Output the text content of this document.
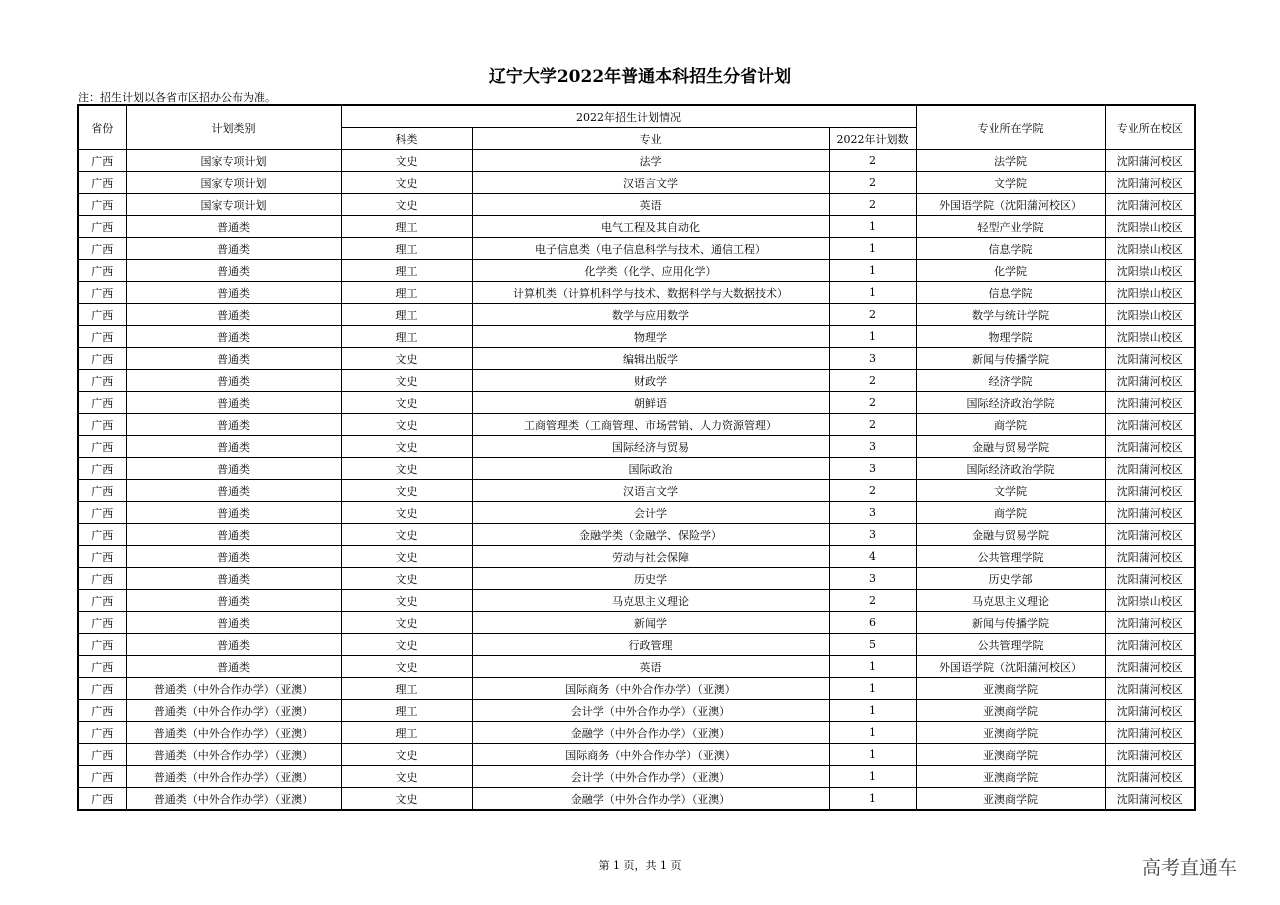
辽宁大学2022年普通本科招生分省计划
注：招生计划以各省市区招办公布为准。
省份	计划类别	2022年招生计划情况			专业所在学院	专业所在校区
		科类	专业	2022年计划数		
广西	国家专项计划	文史	法学	2	法学院	沈阳蒲河校区
广西	国家专项计划	文史	汉语言文学	2	文学院	沈阳蒲河校区
广西	国家专项计划	文史	英语	2	外国语学院（沈阳蒲河校区）	沈阳蒲河校区
广西	普通类	理工	电气工程及其自动化	1	轻型产业学院	沈阳崇山校区
广西	普通类	理工	电子信息类（电子信息科学与技术、通信工程）	1	信息学院	沈阳崇山校区
广西	普通类	理工	化学类（化学、应用化学）	1	化学院	沈阳崇山校区
广西	普通类	理工	计算机类（计算机科学与技术、数据科学与大数据技术）	1	信息学院	沈阳崇山校区
广西	普通类	理工	数学与应用数学	2	数学与统计学院	沈阳崇山校区
广西	普通类	理工	物理学	1	物理学院	沈阳崇山校区
广西	普通类	文史	编辑出版学	3	新闻与传播学院	沈阳蒲河校区
广西	普通类	文史	财政学	2	经济学院	沈阳蒲河校区
广西	普通类	文史	朝鲜语	2	国际经济政治学院	沈阳蒲河校区
广西	普通类	文史	工商管理类（工商管理、市场营销、人力资源管理）	2	商学院	沈阳蒲河校区
广西	普通类	文史	国际经济与贸易	3	金融与贸易学院	沈阳蒲河校区
广西	普通类	文史	国际政治	3	国际经济政治学院	沈阳蒲河校区
广西	普通类	文史	汉语言文学	2	文学院	沈阳蒲河校区
广西	普通类	文史	会计学	3	商学院	沈阳蒲河校区
广西	普通类	文史	金融学类（金融学、保险学）	3	金融与贸易学院	沈阳蒲河校区
广西	普通类	文史	劳动与社会保障	4	公共管理学院	沈阳蒲河校区
广西	普通类	文史	历史学	3	历史学部	沈阳蒲河校区
广西	普通类	文史	马克思主义理论	2	马克思主义理论	沈阳崇山校区
广西	普通类	文史	新闻学	6	新闻与传播学院	沈阳蒲河校区
广西	普通类	文史	行政管理	5	公共管理学院	沈阳蒲河校区
广西	普通类	文史	英语	1	外国语学院（沈阳蒲河校区）	沈阳蒲河校区
广西	普通类（中外合作办学）（亚澳）	理工	国际商务（中外合作办学）（亚澳）	1	亚澳商学院	沈阳蒲河校区
广西	普通类（中外合作办学）（亚澳）	理工	会计学（中外合作办学）（亚澳）	1	亚澳商学院	沈阳蒲河校区
广西	普通类（中外合作办学）（亚澳）	理工	金融学（中外合作办学）（亚澳）	1	亚澳商学院	沈阳蒲河校区
广西	普通类（中外合作办学）（亚澳）	文史	国际商务（中外合作办学）（亚澳）	1	亚澳商学院	沈阳蒲河校区
广西	普通类（中外合作办学）（亚澳）	文史	会计学（中外合作办学）（亚澳）	1	亚澳商学院	沈阳蒲河校区
广西	普通类（中外合作办学）（亚澳）	文史	金融学（中外合作办学）（亚澳）	1	亚澳商学院	沈阳蒲河校区
第 1 页，共 1 页	高考直通车
